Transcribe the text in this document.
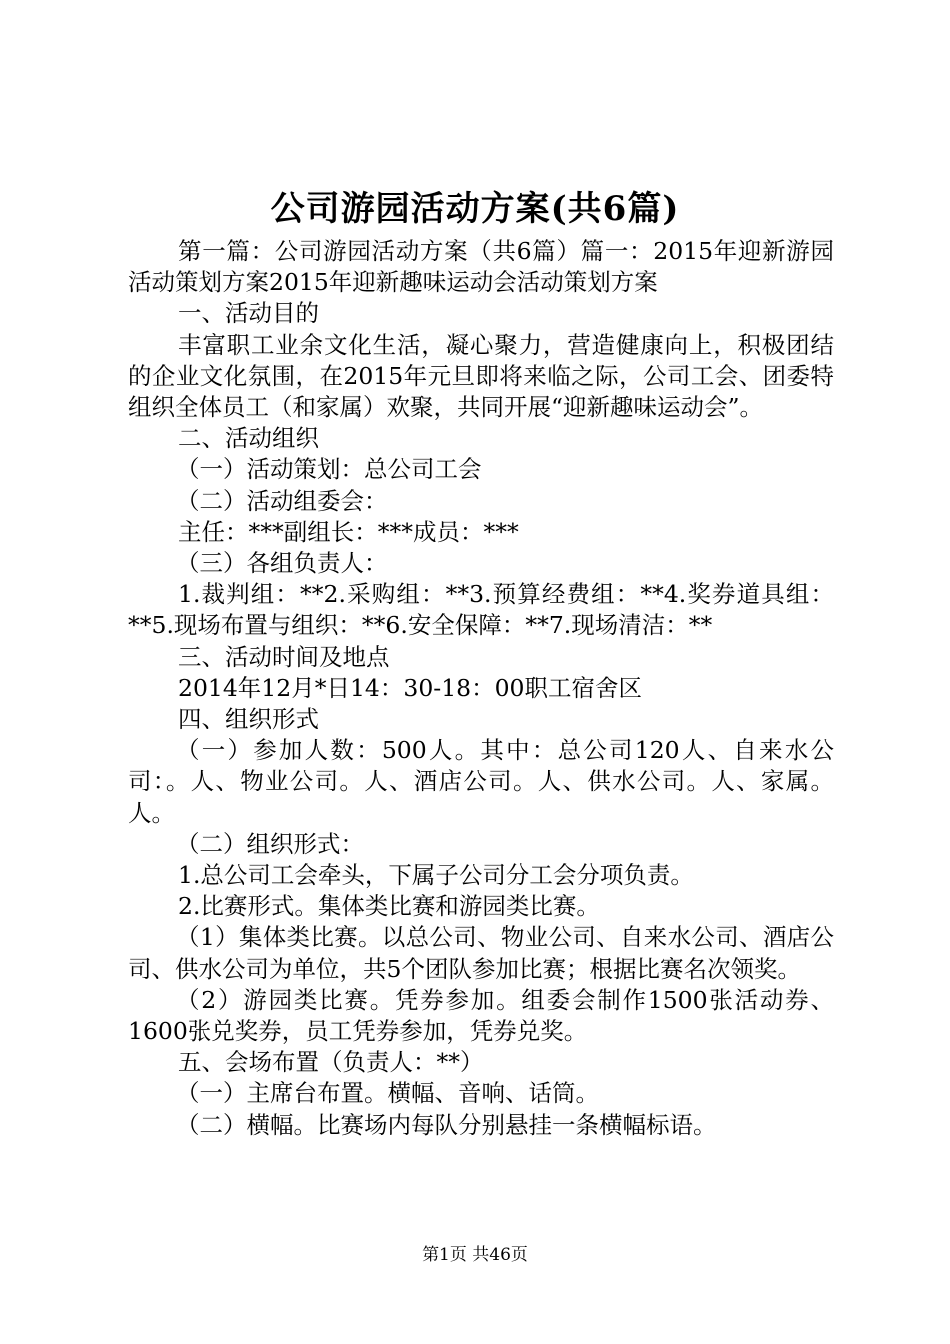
公司游园活动方案(共6篇)

第一篇：公司游园活动方案（共6篇）篇一：2015年迎新游园活动策划方案2015年迎新趣味运动会活动策划方案

一、活动目的

丰富职工业余文化生活，凝心聚力，营造健康向上，积极团结的企业文化氛围，在2015年元旦即将来临之际，公司工会、团委特组织全体员工（和家属）欢聚，共同开展“迎新趣味运动会”。

二、活动组织

（一）活动策划：总公司工会

（二）活动组委会：

主任：***副组长：***成员：***

（三）各组负责人：

1.裁判组：**2.采购组：**3.预算经费组：**4.奖券道具组：**5.现场布置与组织：**6.安全保障：**7.现场清洁：**

三、活动时间及地点

2014年12月*日14：30-18：00职工宿舍区

四、组织形式

（一）参加人数：500人。其中：总公司120人、自来水公司：。人、物业公司。人、酒店公司。人、供水公司。人、家属。人。

（二）组织形式：

1.总公司工会牵头，下属子公司分工会分项负责。

2.比赛形式。集体类比赛和游园类比赛。

（1）集体类比赛。以总公司、物业公司、自来水公司、酒店公司、供水公司为单位，共5个团队参加比赛；根据比赛名次领奖。

（2）游园类比赛。凭券参加。组委会制作1500张活动券、1600张兑奖券，员工凭券参加，凭券兑奖。

五、会场布置（负责人：**）

（一）主席台布置。横幅、音响、话筒。

（二）横幅。比赛场内每队分别悬挂一条横幅标语。

第1页 共46页
